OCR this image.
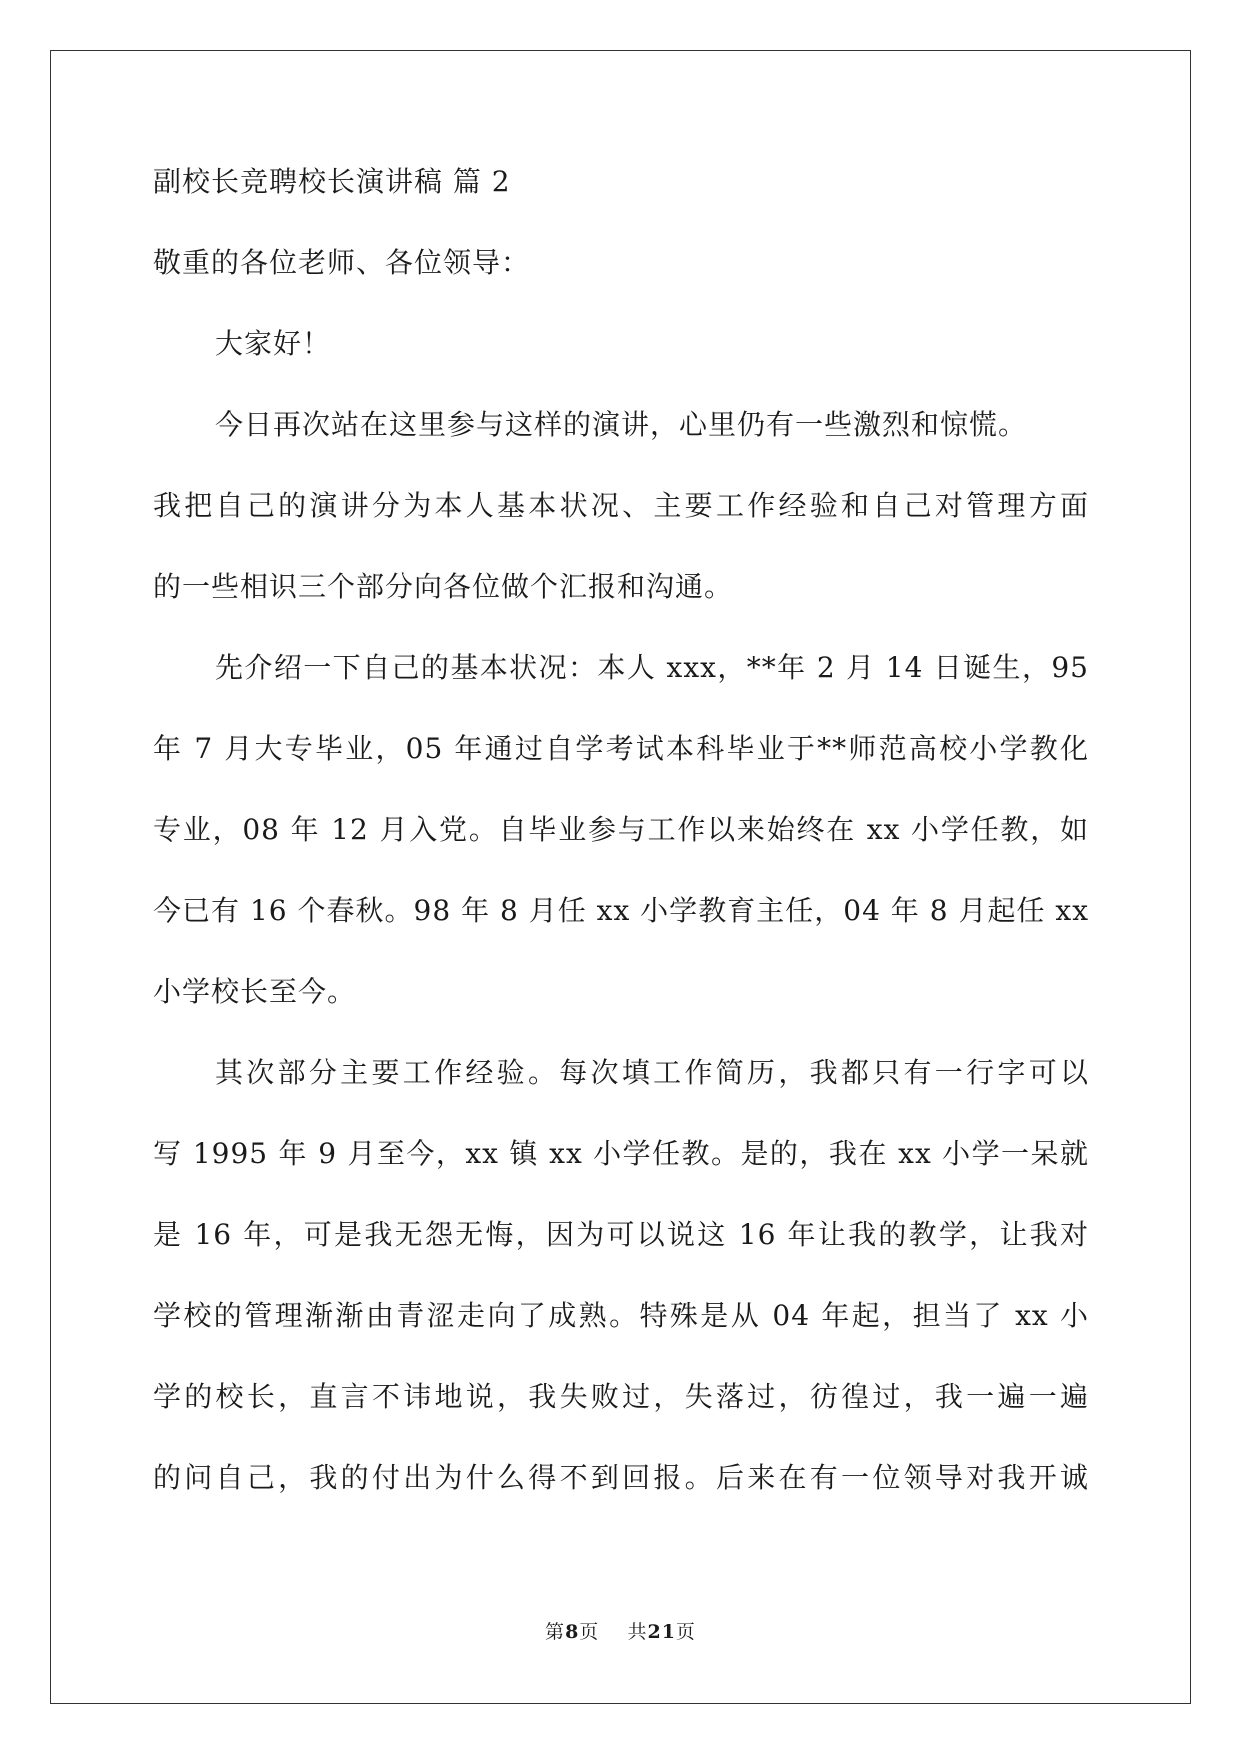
副校长竞聘校长演讲稿 篇 2
敬重的各位老师、各位领导：
大家好！
今日再次站在这里参与这样的演讲，心里仍有一些激烈和惊慌。
我把自己的演讲分为本人基本状况、主要工作经验和自己对管理方面
的一些相识三个部分向各位做个汇报和沟通。
先介绍一下自己的基本状况：本人 xxx，**年 2 月 14 日诞生，95
年 7 月大专毕业，05 年通过自学考试本科毕业于**师范高校小学教化
专业，08 年 12 月入党。自毕业参与工作以来始终在 xx 小学任教，如
今已有 16 个春秋。98 年 8 月任 xx 小学教育主任，04 年 8 月起任 xx
小学校长至今。
其次部分主要工作经验。每次填工作简历，我都只有一行字可以
写 1995 年 9 月至今，xx 镇 xx 小学任教。是的，我在 xx 小学一呆就
是 16 年，可是我无怨无悔，因为可以说这 16 年让我的教学，让我对
学校的管理渐渐由青涩走向了成熟。特殊是从 04 年起，担当了 xx 小
学的校长，直言不讳地说，我失败过，失落过，彷徨过，我一遍一遍
的问自己，我的付出为什么得不到回报。后来在有一位领导对我开诚
第8页    共21页
